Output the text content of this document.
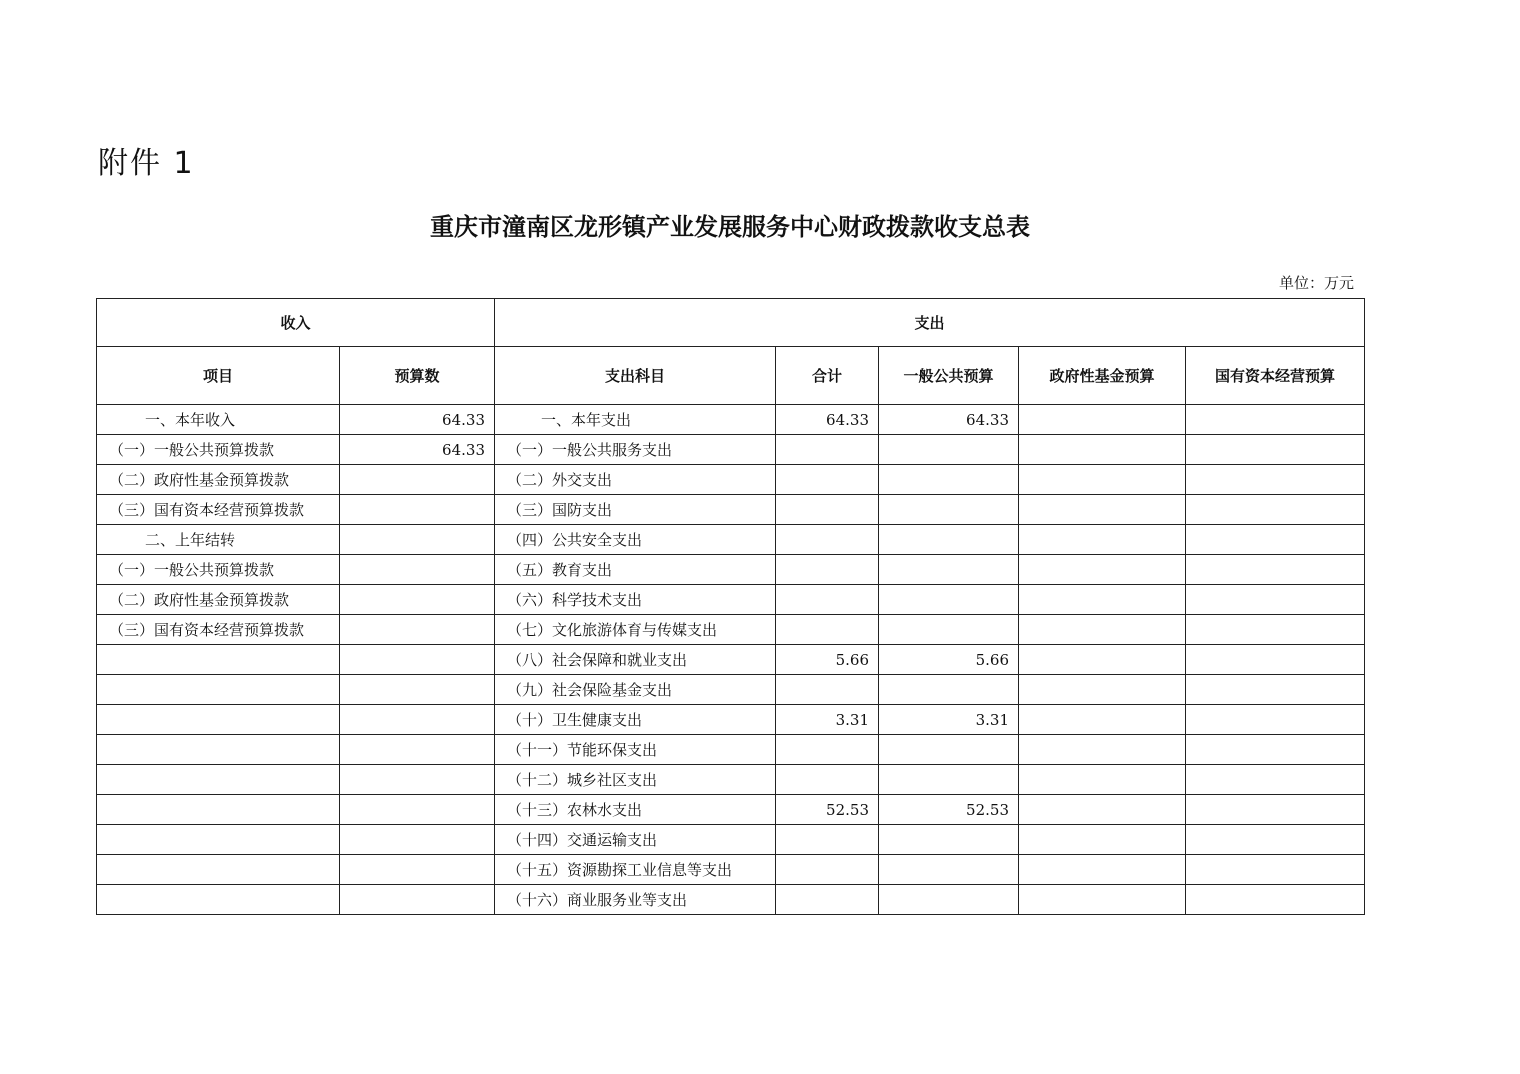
附件 1
重庆市潼南区龙形镇产业发展服务中心财政拨款收支总表
单位：万元
收入		支出				
项目	预算数	支出科目	合计	一般公共预算	政府性基金预算	国有资本经营预算
一、本年收入	64.33	一、本年支出	64.33	64.33		
（一）一般公共预算拨款	64.33	（一）一般公共服务支出				
（二）政府性基金预算拨款		（二）外交支出				
（三）国有资本经营预算拨款		（三）国防支出				
二、上年结转		（四）公共安全支出				
（一）一般公共预算拨款		（五）教育支出				
（二）政府性基金预算拨款		（六）科学技术支出				
（三）国有资本经营预算拨款		（七）文化旅游体育与传媒支出				
		（八）社会保障和就业支出	5.66	5.66		
		（九）社会保险基金支出				
		（十）卫生健康支出	3.31	3.31		
		（十一）节能环保支出				
		（十二）城乡社区支出				
		（十三）农林水支出	52.53	52.53		
		（十四）交通运输支出				
		（十五）资源勘探工业信息等支出				
		（十六）商业服务业等支出				
